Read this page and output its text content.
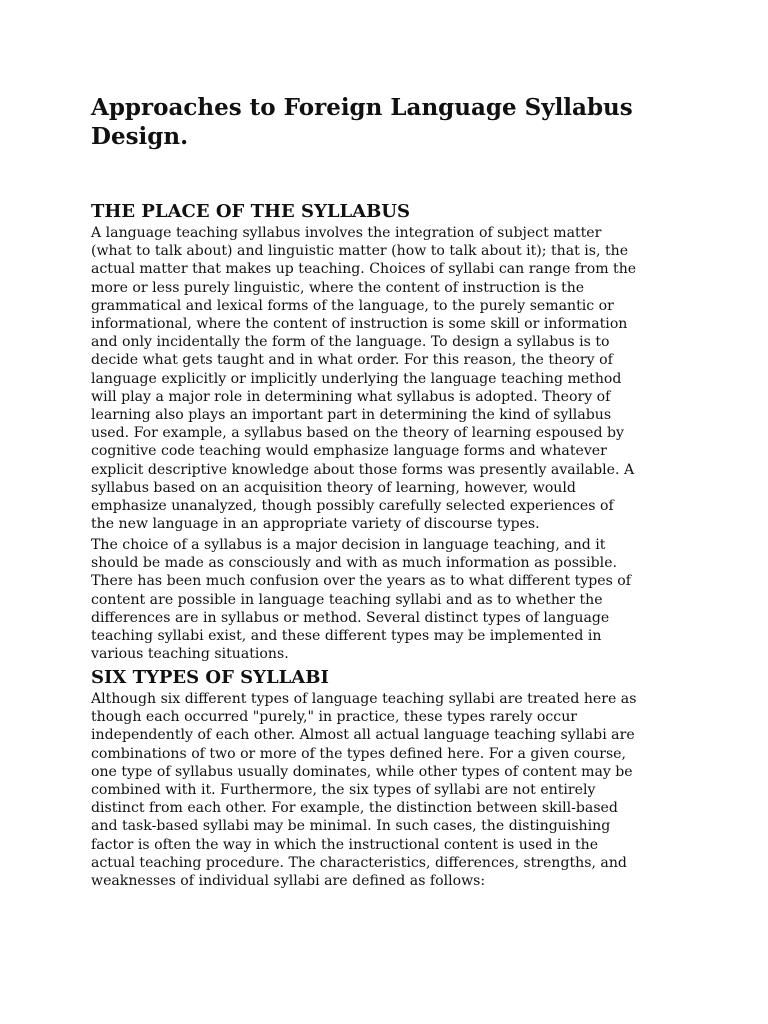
Approaches to Foreign Language Syllabus Design.
THE PLACE OF THE SYLLABUS

A language teaching syllabus involves the integration of subject matter
(what to talk about) and linguistic matter (how to talk about it); that is, the
actual matter that makes up teaching. Choices of syllabi can range from the
more or less purely linguistic, where the content of instruction is the
grammatical and lexical forms of the language, to the purely semantic or
informational, where the content of instruction is some skill or information
and only incidentally the form of the language. To design a syllabus is to
decide what gets taught and in what order. For this reason, the theory of
language explicitly or implicitly underlying the language teaching method
will play a major role in determining what syllabus is adopted. Theory of
learning also plays an important part in determining the kind of syllabus
used. For example, a syllabus based on the theory of learning espoused by
cognitive code teaching would emphasize language forms and whatever
explicit descriptive knowledge about those forms was presently available. A
syllabus based on an acquisition theory of learning, however, would
emphasize unanalyzed, though possibly carefully selected experiences of
the new language in an appropriate variety of discourse types.

The choice of a syllabus is a major decision in language teaching, and it
should be made as consciously and with as much information as possible.
There has been much confusion over the years as to what different types of
content are possible in language teaching syllabi and as to whether the
differences are in syllabus or method. Several distinct types of language
teaching syllabi exist, and these different types may be implemented in
various teaching situations.

SIX TYPES OF SYLLABI

Although six different types of language teaching syllabi are treated here as
though each occurred "purely," in practice, these types rarely occur
independently of each other. Almost all actual language teaching syllabi are
combinations of two or more of the types defined here. For a given course,
one type of syllabus usually dominates, while other types of content may be
combined with it. Furthermore, the six types of syllabi are not entirely
distinct from each other. For example, the distinction between skill-based
and task-based syllabi may be minimal. In such cases, the distinguishing
factor is often the way in which the instructional content is used in the
actual teaching procedure. The characteristics, differences, strengths, and
weaknesses of individual syllabi are defined as follows:
